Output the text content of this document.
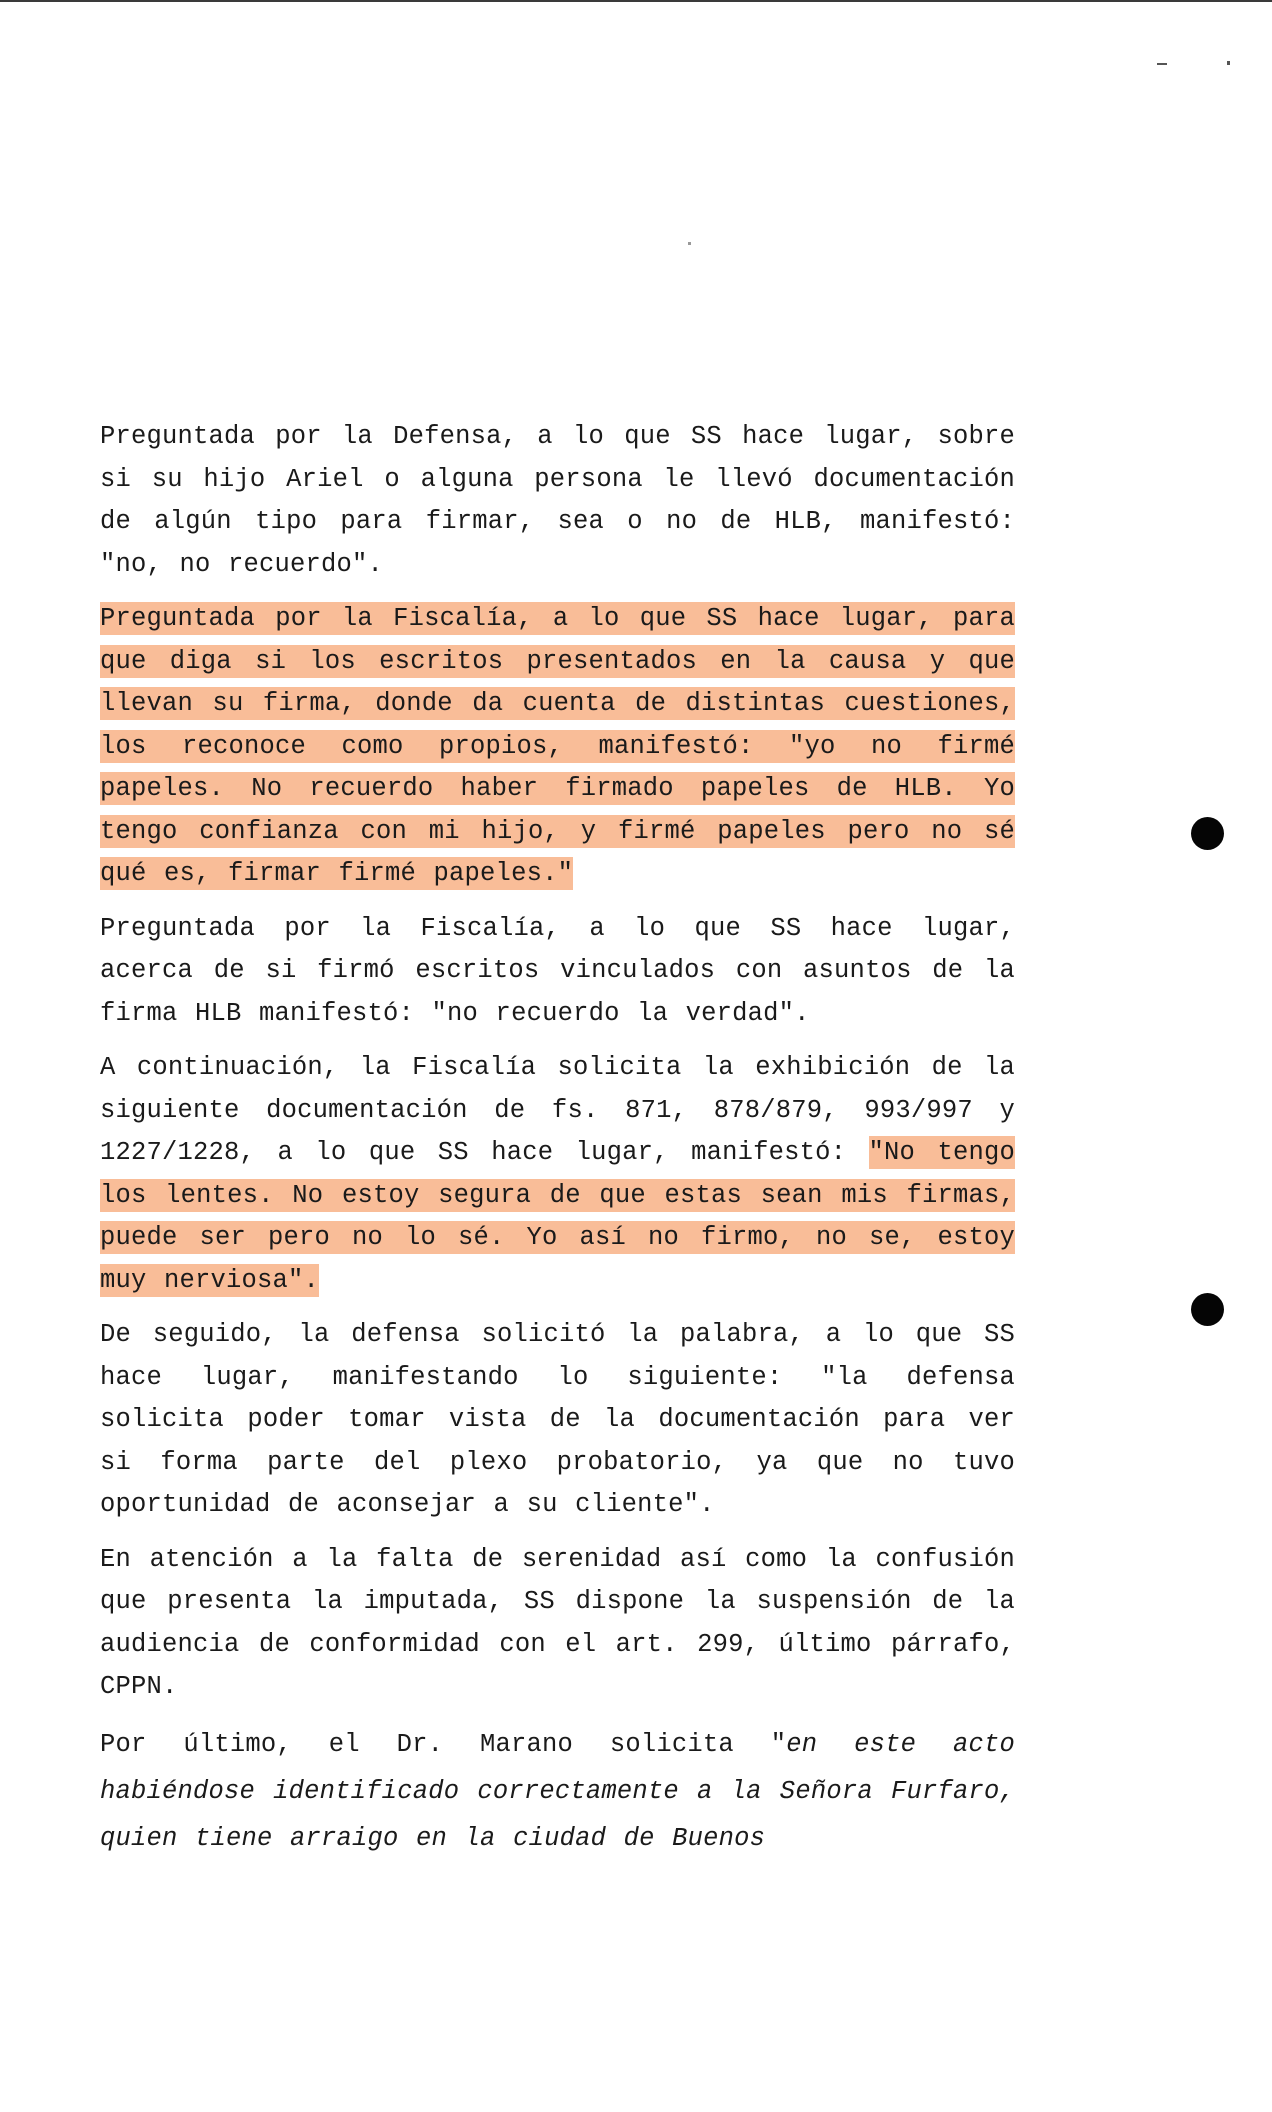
Preguntada por la Defensa, a lo que SS hace lugar, sobre si su hijo Ariel o alguna persona le llevó documentación de algún tipo para firmar, sea o no de HLB, manifestó: "no, no recuerdo".

Preguntada por la Fiscalía, a lo que SS hace lugar, para que diga si los escritos presentados en la causa y que llevan su firma, donde da cuenta de distintas cuestiones, los reconoce como propios, manifestó: "yo no firmé papeles. No recuerdo haber firmado papeles de HLB. Yo tengo confianza con mi hijo, y firmé papeles pero no sé qué es, firmar firmé papeles."

Preguntada por la Fiscalía, a lo que SS hace lugar, acerca de si firmó escritos vinculados con asuntos de la firma HLB manifestó: "no recuerdo la verdad".

A continuación, la Fiscalía solicita la exhibición de la siguiente documentación de fs. 871, 878/879, 993/997 y 1227/1228, a lo que SS hace lugar, manifestó: "No tengo los lentes. No estoy segura de que estas sean mis firmas, puede ser pero no lo sé. Yo así no firmo, no se, estoy muy nerviosa".

De seguido, la defensa solicitó la palabra, a lo que SS hace lugar, manifestando lo siguiente: "la defensa solicita poder tomar vista de la documentación para ver si forma parte del plexo probatorio, ya que no tuvo oportunidad de aconsejar a su cliente".

En atención a la falta de serenidad así como la confusión que presenta la imputada, SS dispone la suspensión de la audiencia de conformidad con el art. 299, último párrafo, CPPN.

Por último, el Dr. Marano solicita "en este acto habiéndose identificado correctamente a la Señora Furfaro, quien tiene arraigo en la ciudad de Buenos
